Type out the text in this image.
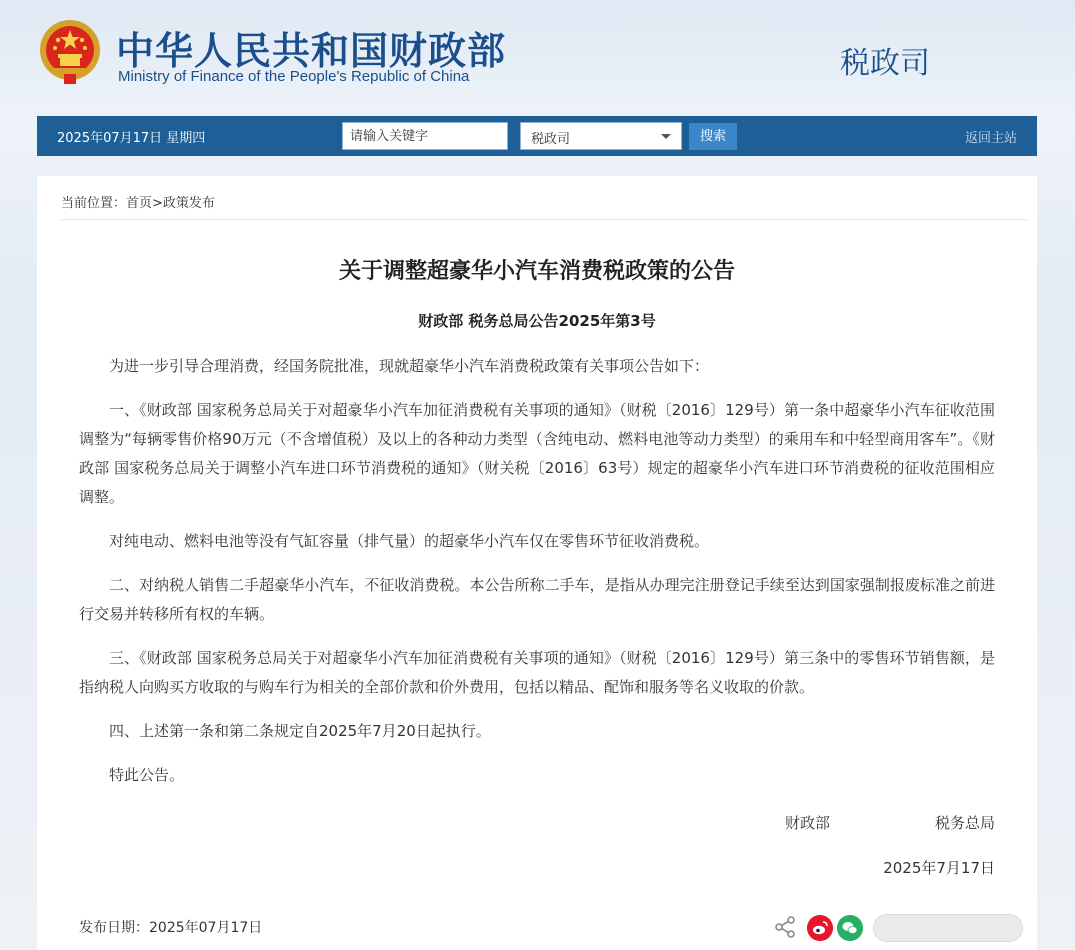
中华人民共和国财政部
Ministry of Finance of the People's Republic of China	税政司
2025年07月17日 星期四
请输入关键字	税政司	搜索	返回主站
当前位置：首页>政策发布
关于调整超豪华小汽车消费税政策的公告
财政部 税务总局公告2025年第3号

为进一步引导合理消费，经国务院批准，现就超豪华小汽车消费税政策有关事项公告如下：

一、《财政部 国家税务总局关于对超豪华小汽车加征消费税有关事项的通知》（财税〔2016〕129号）第一条中超豪华小汽车征收范围调整为“每辆零售价格90万元（不含增值税）及以上的各种动力类型（含纯电动、燃料电池等动力类型）的乘用车和中轻型商用客车”。《财政部 国家税务总局关于调整小汽车进口环节消费税的通知》（财关税〔2016〕63号）规定的超豪华小汽车进口环节消费税的征收范围相应调整。

对纯电动、燃料电池等没有气缸容量（排气量）的超豪华小汽车仅在零售环节征收消费税。

二、对纳税人销售二手超豪华小汽车，不征收消费税。本公告所称二手车，是指从办理完注册登记手续至达到国家强制报废标准之前进行交易并转移所有权的车辆。

三、《财政部 国家税务总局关于对超豪华小汽车加征消费税有关事项的通知》（财税〔2016〕129号）第三条中的零售环节销售额，是指纳税人向购买方收取的与购车行为相关的全部价款和价外费用，包括以精品、配饰和服务等名义收取的价款。

四、上述第一条和第二条规定自2025年7月20日起执行。

特此公告。

财政部	税务总局
2025年7月17日
发布日期：2025年07月17日
